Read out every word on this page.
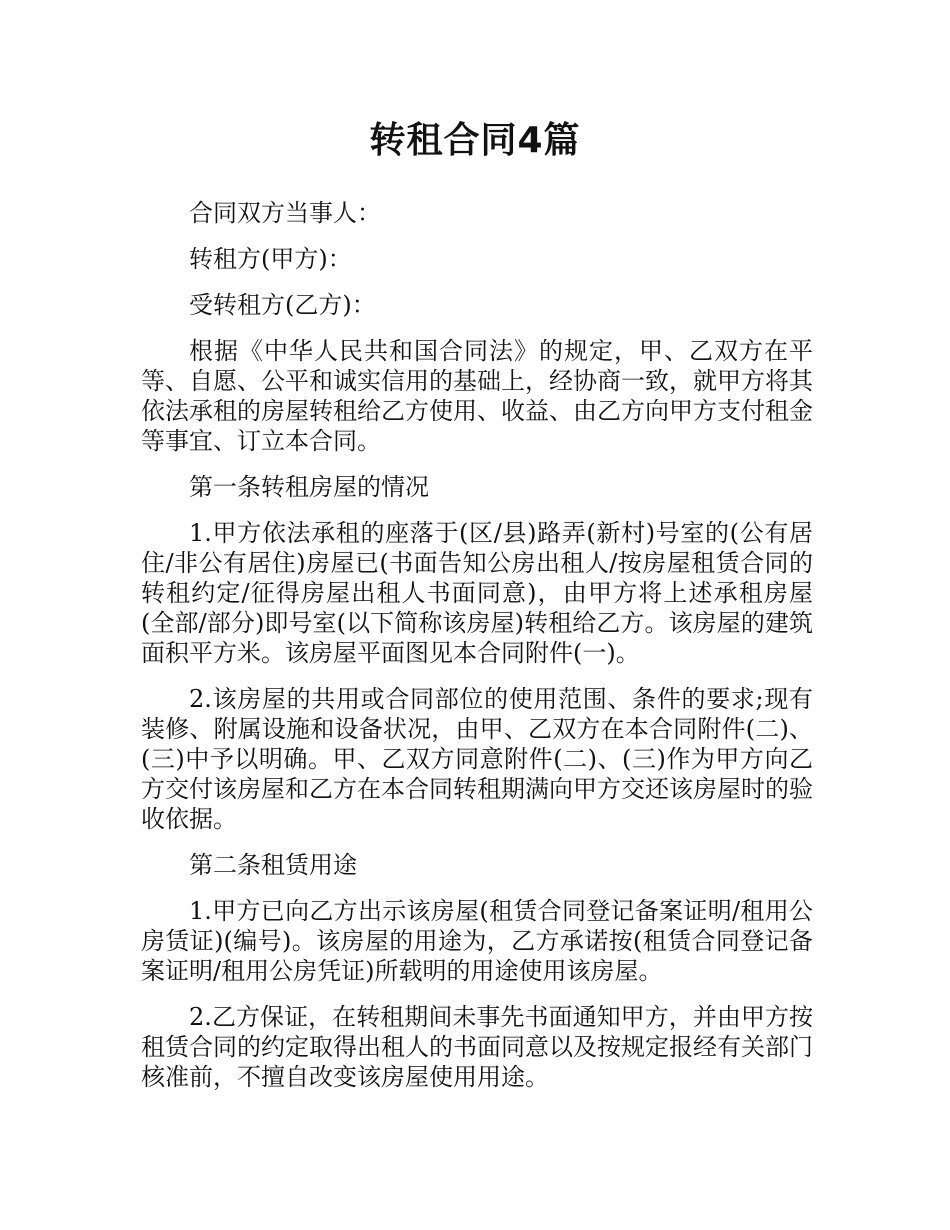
转租合同4篇

合同双方当事人：

转租方(甲方)：

受转租方(乙方)：

根据《中华人民共和国合同法》的规定，甲、乙双方在平等、自愿、公平和诚实信用的基础上，经协商一致，就甲方将其依法承租的房屋转租给乙方使用、收益、由乙方向甲方支付租金等事宜、订立本合同。

第一条转租房屋的情况

1.甲方依法承租的座落于(区/县)路弄(新村)号室的(公有居住/非公有居住)房屋已(书面告知公房出租人/按房屋租赁合同的转租约定/征得房屋出租人书面同意)，由甲方将上述承租房屋(全部/部分)即号室(以下简称该房屋)转租给乙方。该房屋的建筑面积平方米。该房屋平面图见本合同附件(一)。

2.该房屋的共用或合同部位的使用范围、条件的要求;现有装修、附属设施和设备状况，由甲、乙双方在本合同附件(二)、(三)中予以明确。甲、乙双方同意附件(二)、(三)作为甲方向乙方交付该房屋和乙方在本合同转租期满向甲方交还该房屋时的验收依据。

第二条租赁用途

1.甲方已向乙方出示该房屋(租赁合同登记备案证明/租用公房赁证)(编号)。该房屋的用途为，乙方承诺按(租赁合同登记备案证明/租用公房凭证)所载明的用途使用该房屋。

2.乙方保证，在转租期间未事先书面通知甲方，并由甲方按租赁合同的约定取得出租人的书面同意以及按规定报经有关部门核准前，不擅自改变该房屋使用用途。
